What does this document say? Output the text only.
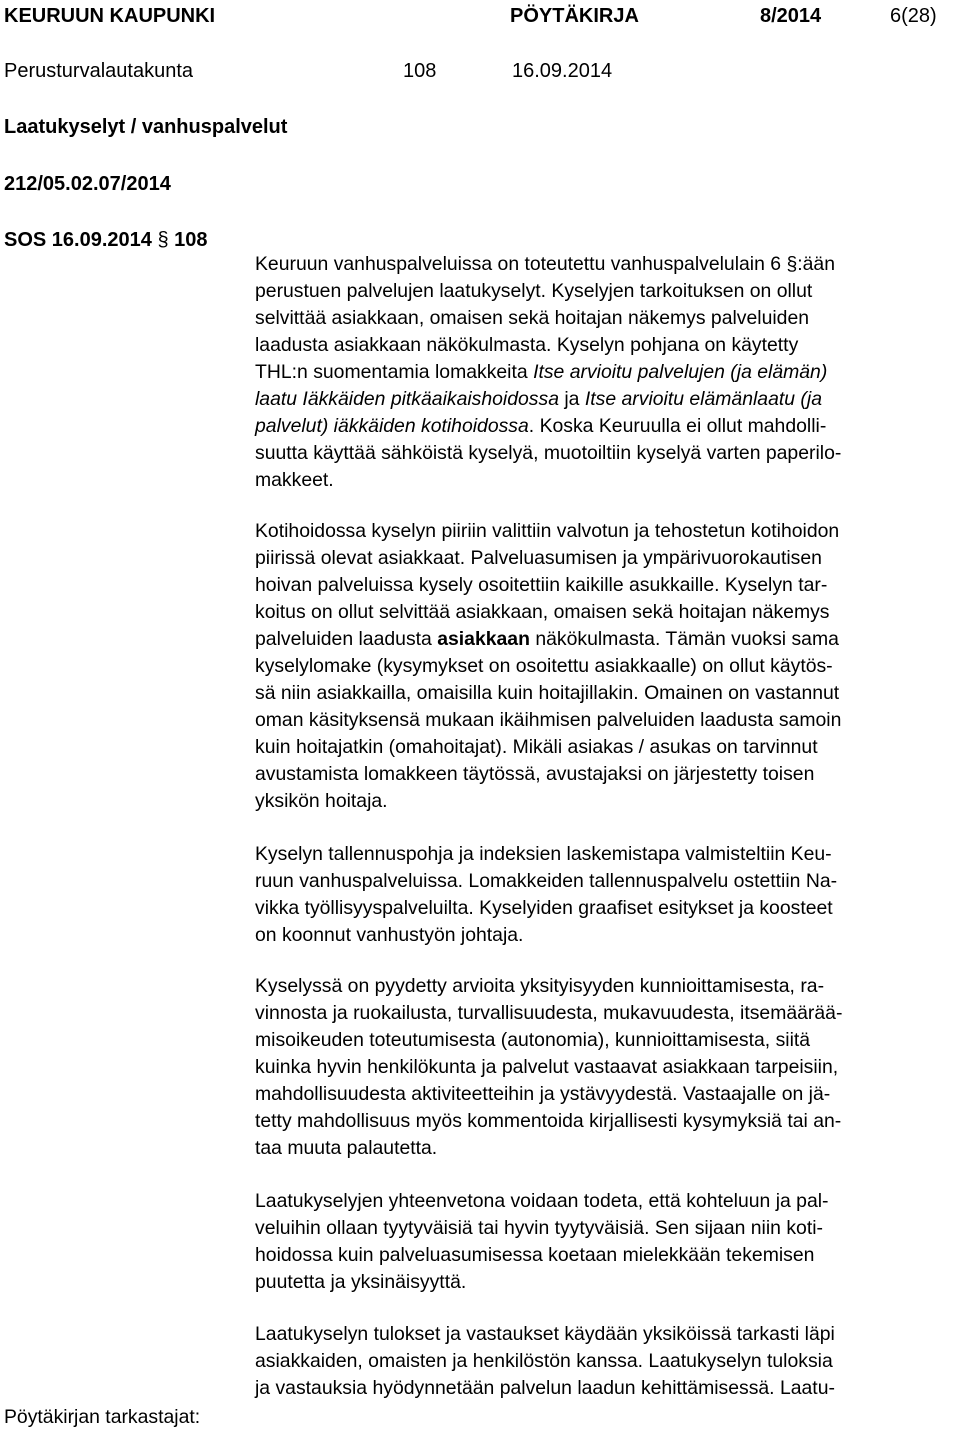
KEURUUN KAUPUNKI	PÖYTÄKIRJA	8/2014	6(28)
Perusturvalautakunta	108	16.09.2014
Laatukyselyt / vanhuspalvelut
212/05.02.07/2014
SOS 16.09.2014 § 108
Keuruun vanhuspalveluissa on toteutettu vanhuspalvelulain 6 §:ään
perustuen palvelujen laatukyselyt. Kyselyjen tarkoituksen on ollut
selvittää asiakkaan, omaisen sekä hoitajan näkemys palveluiden
laadusta asiakkaan näkökulmasta. Kyselyn pohjana on käytetty
THL:n suomentamia lomakkeita Itse arvioitu palvelujen (ja elämän)
laatu Iäkkäiden pitkäaikaishoidossa ja Itse arvioitu elämänlaatu (ja
palvelut) iäkkäiden kotihoidossa. Koska Keuruulla ei ollut mahdolli-
suutta käyttää sähköistä kyselyä, muotoiltiin kyselyä varten paperilo-
makkeet.
Kotihoidossa kyselyn piiriin valittiin valvotun ja tehostetun kotihoidon
piirissä olevat asiakkaat. Palveluasumisen ja ympärivuorokautisen
hoivan palveluissa kysely osoitettiin kaikille asukkaille. Kyselyn tar-
koitus on ollut selvittää asiakkaan, omaisen sekä hoitajan näkemys
palveluiden laadusta asiakkaan näkökulmasta. Tämän vuoksi sama
kyselylomake (kysymykset on osoitettu asiakkaalle) on ollut käytös-
sä niin asiakkailla, omaisilla kuin hoitajillakin. Omainen on vastannut
oman käsityksensä mukaan ikäihmisen palveluiden laadusta samoin
kuin hoitajatkin (omahoitajat). Mikäli asiakas / asukas on tarvinnut
avustamista lomakkeen täytössä, avustajaksi on järjestetty toisen
yksikön hoitaja.
Kyselyn tallennuspohja ja indeksien laskemistapa valmisteltiin Keu-
ruun vanhuspalveluissa. Lomakkeiden tallennuspalvelu ostettiin Na-
vikka työllisyyspalveluilta. Kyselyiden graafiset esitykset ja koosteet
on koonnut vanhustyön johtaja.
Kyselyssä on pyydetty arvioita yksityisyyden kunnioittamisesta, ra-
vinnosta ja ruokailusta, turvallisuudesta, mukavuudesta, itsemäärää-
misoikeuden toteutumisesta (autonomia), kunnioittamisesta, siitä
kuinka hyvin henkilökunta ja palvelut vastaavat asiakkaan tarpeisiin,
mahdollisuudesta aktiviteetteihin ja ystävyydestä. Vastaajalle on jä-
tetty mahdollisuus myös kommentoida kirjallisesti kysymyksiä tai an-
taa muuta palautetta.
Laatukyselyjen yhteenvetona voidaan todeta, että kohteluun ja pal-
veluihin ollaan tyytyväisiä tai hyvin tyytyväisiä. Sen sijaan niin koti-
hoidossa kuin palveluasumisessa koetaan mielekkään tekemisen
puutetta ja yksinäisyyttä.
Laatukyselyn tulokset ja vastaukset käydään yksiköissä tarkasti läpi
asiakkaiden, omaisten ja henkilöstön kanssa. Laatukyselyn tuloksia
ja vastauksia hyödynnetään palvelun laadun kehittämisessä. Laatu-
Pöytäkirjan tarkastajat:
